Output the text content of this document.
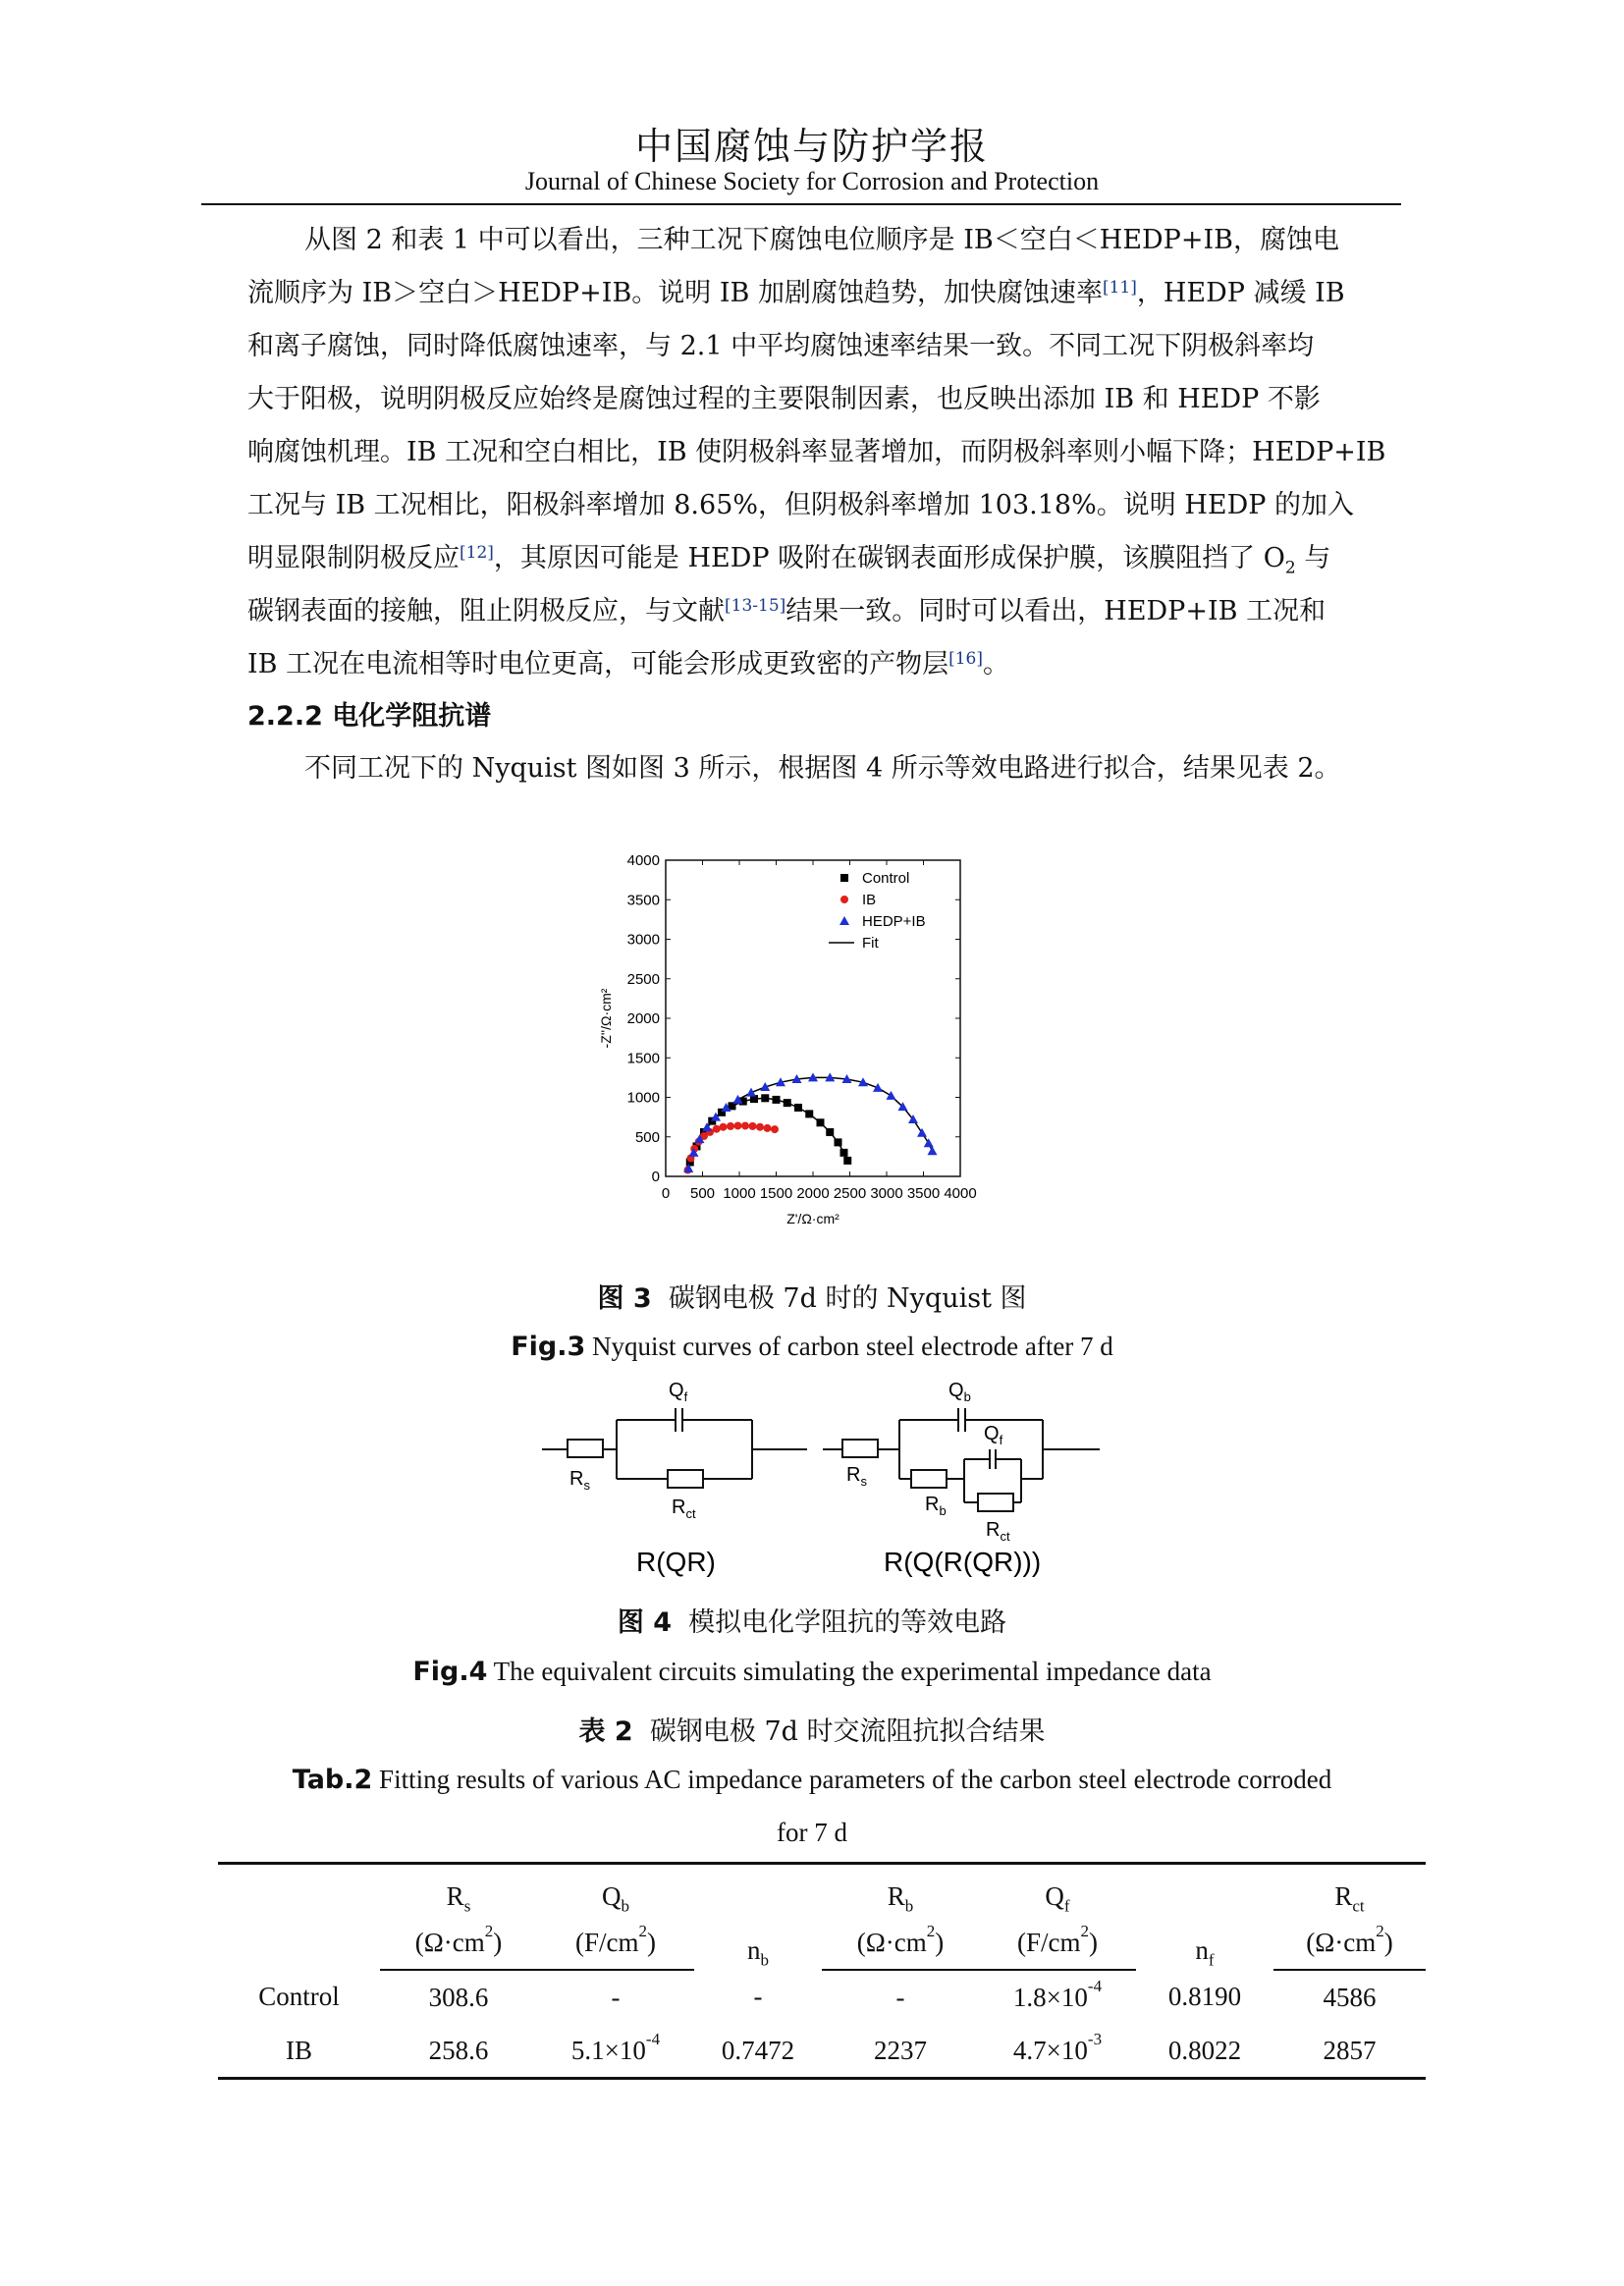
中国腐蚀与防护学报
Journal of Chinese Society for Corrosion and Protection
从图 2 和表 1 中可以看出，三种工况下腐蚀电位顺序是 IB＜空白＜HEDP+IB，腐蚀电
流顺序为 IB＞空白＞HEDP+IB。说明 IB 加剧腐蚀趋势，加快腐蚀速率[11]，HEDP 减缓 IB
和离子腐蚀，同时降低腐蚀速率，与 2.1 中平均腐蚀速率结果一致。不同工况下阴极斜率均
大于阳极，说明阴极反应始终是腐蚀过程的主要限制因素，也反映出添加 IB 和 HEDP 不影
响腐蚀机理。IB 工况和空白相比，IB 使阴极斜率显著增加，而阴极斜率则小幅下降；HEDP+IB
工况与 IB 工况相比，阳极斜率增加 8.65%，但阴极斜率增加 103.18%。说明 HEDP 的加入
明显限制阴极反应[12]，其原因可能是 HEDP 吸附在碳钢表面形成保护膜，该膜阻挡了 $O_2$ 与
碳钢表面的接触，阻止阴极反应，与文献[13-15]结果一致。同时可以看出，HEDP+IB 工况和
IB 工况在电流相等时电位更高，可能会形成更致密的产物层[16]。
2.2.2 电化学阻抗谱
不同工况下的 Nyquist 图如图 3 所示，根据图 4 所示等效电路进行拟合，结果见表 2。
0 500 1000 1500 2000 2500 3000 3500 4000
0
500
1000
1500
2000
2500
3000
3500
4000
Z'/Ω·cm²
-Z''/Ω·cm²
Control
IB
HEDP+IB
Fit
图 3 碳钢电极 7d 时的 Nyquist 图
Fig.3 Nyquist curves of carbon steel electrode after 7 d
$R_s$
$Q_f$
$R_{ct}$
R(QR)
$R_s$
$Q_b$
$Q_f$
$R_b$
$R_{ct}$
R(Q(R(QR)))
图 4 模拟电化学阻抗的等效电路
Fig.4 The equivalent circuits simulating the experimental impedance data
表 2 碳钢电极 7d 时交流阻抗拟合结果
Tab.2 Fitting results of various AC impedance parameters of the carbon steel electrode corroded
for 7 d
	$R_s$	$Q_b$	$n_b$	$R_b$	$Q_f$	$n_f$	$R_{ct}$
	$(\Omega\cdot cm^2)$	$(F/cm^2)$		$(\Omega\cdot cm^2)$	$(F/cm^2)$		$(\Omega\cdot cm^2)$
Control	308.6	-	-	-	$1.8\times 10^{-4}$	0.8190	4586
IB	258.6	$5.1\times 10^{-4}$	0.7472	2237	$4.7\times 10^{-3}$	0.8022	2857
